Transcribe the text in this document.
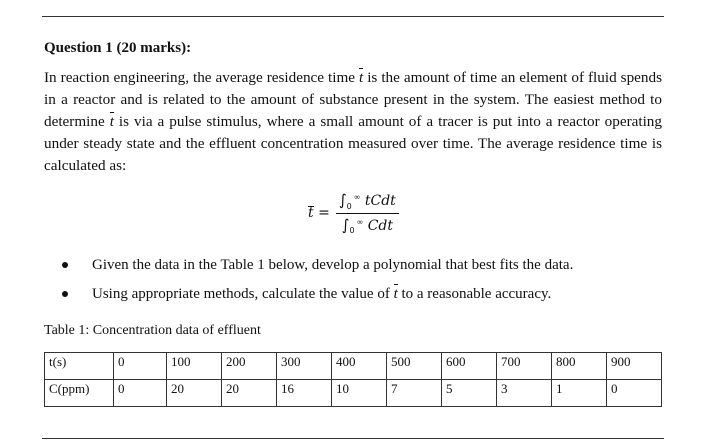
Question 1 (20 marks):
In reaction engineering, the average residence time t is the amount of time an element of fluid spends in a reactor and is related to the amount of substance present in the system. The easiest method to determine t is via a pulse stimulus, where a small amount of a tracer is put into a reactor operating under steady state and the effluent concentration measured over time. The average residence time is calculated as:
$t = \frac{\int_0^\infty tCdt}{\int_0^\infty Cdt}$
Given the data in the Table 1 below, develop a polynomial that best fits the data.
Using appropriate methods, calculate the value of t to a reasonable accuracy.
Table 1: Concentration data of effluent
t(s)	0	100	200	300	400	500	600	700	800	900
C(ppm)	0	20	20	16	10	7	5	3	1	0
